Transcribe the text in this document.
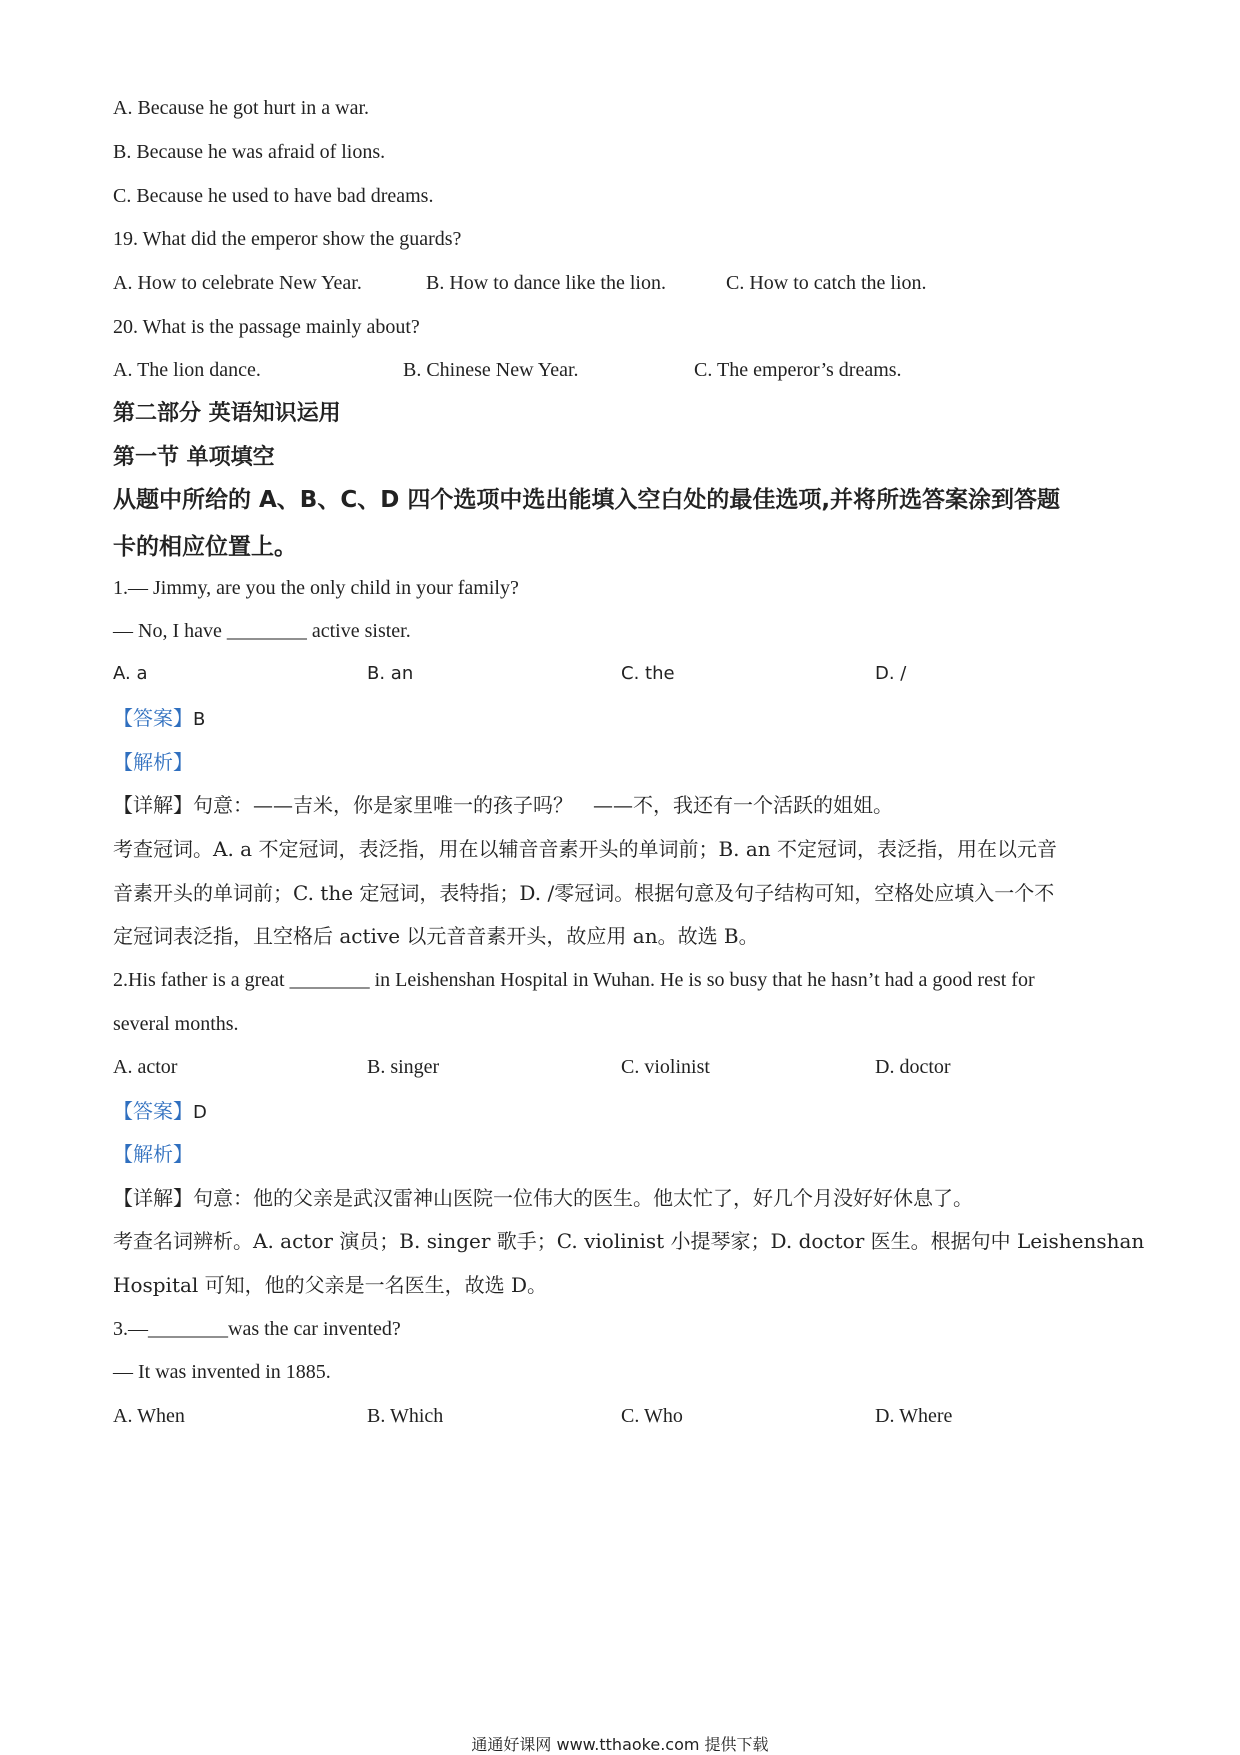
A. Because he got hurt in a war.
B. Because he was afraid of lions.
C. Because he used to have bad dreams.
19. What did the emperor show the guards?
A. How to celebrate New Year.	B. How to dance like the lion.	C. How to catch the lion.
20. What is the passage mainly about?
A. The lion dance.	B. Chinese New Year.	C. The emperor’s dreams.
第二部分 英语知识运用
第一节 单项填空
从题中所给的 A、B、C、D 四个选项中选出能填入空白处的最佳选项,并将所选答案涂到答题
卡的相应位置上。
1.— Jimmy, are you the only child in your family?
— No, I have ________ active sister.
A. a	B. an	C. the	D. /
【答案】B
【解析】
【详解】句意：——吉米，你是家里唯一的孩子吗？　——不，我还有一个活跃的姐姐。
考查冠词。A. a 不定冠词，表泛指，用在以辅音音素开头的单词前；B. an 不定冠词，表泛指，用在以元音
音素开头的单词前；C. the 定冠词，表特指；D. /零冠词。根据句意及句子结构可知，空格处应填入一个不
定冠词表泛指，且空格后 active 以元音音素开头，故应用 an。故选 B。
2.His father is a great ________ in Leishenshan Hospital in Wuhan. He is so busy that he hasn’t had a good rest for
several months.
A. actor	B. singer	C. violinist	D. doctor
【答案】D
【解析】
【详解】句意：他的父亲是武汉雷神山医院一位伟大的医生。他太忙了，好几个月没好好休息了。
考查名词辨析。A. actor 演员；B. singer 歌手；C. violinist 小提琴家；D. doctor 医生。根据句中 Leishenshan
Hospital 可知，他的父亲是一名医生，故选 D。
3.—________was the car invented?
— It was invented in 1885.
A. When	B. Which	C. Who	D. Where
通通好课网 www.tthaoke.com 提供下载
